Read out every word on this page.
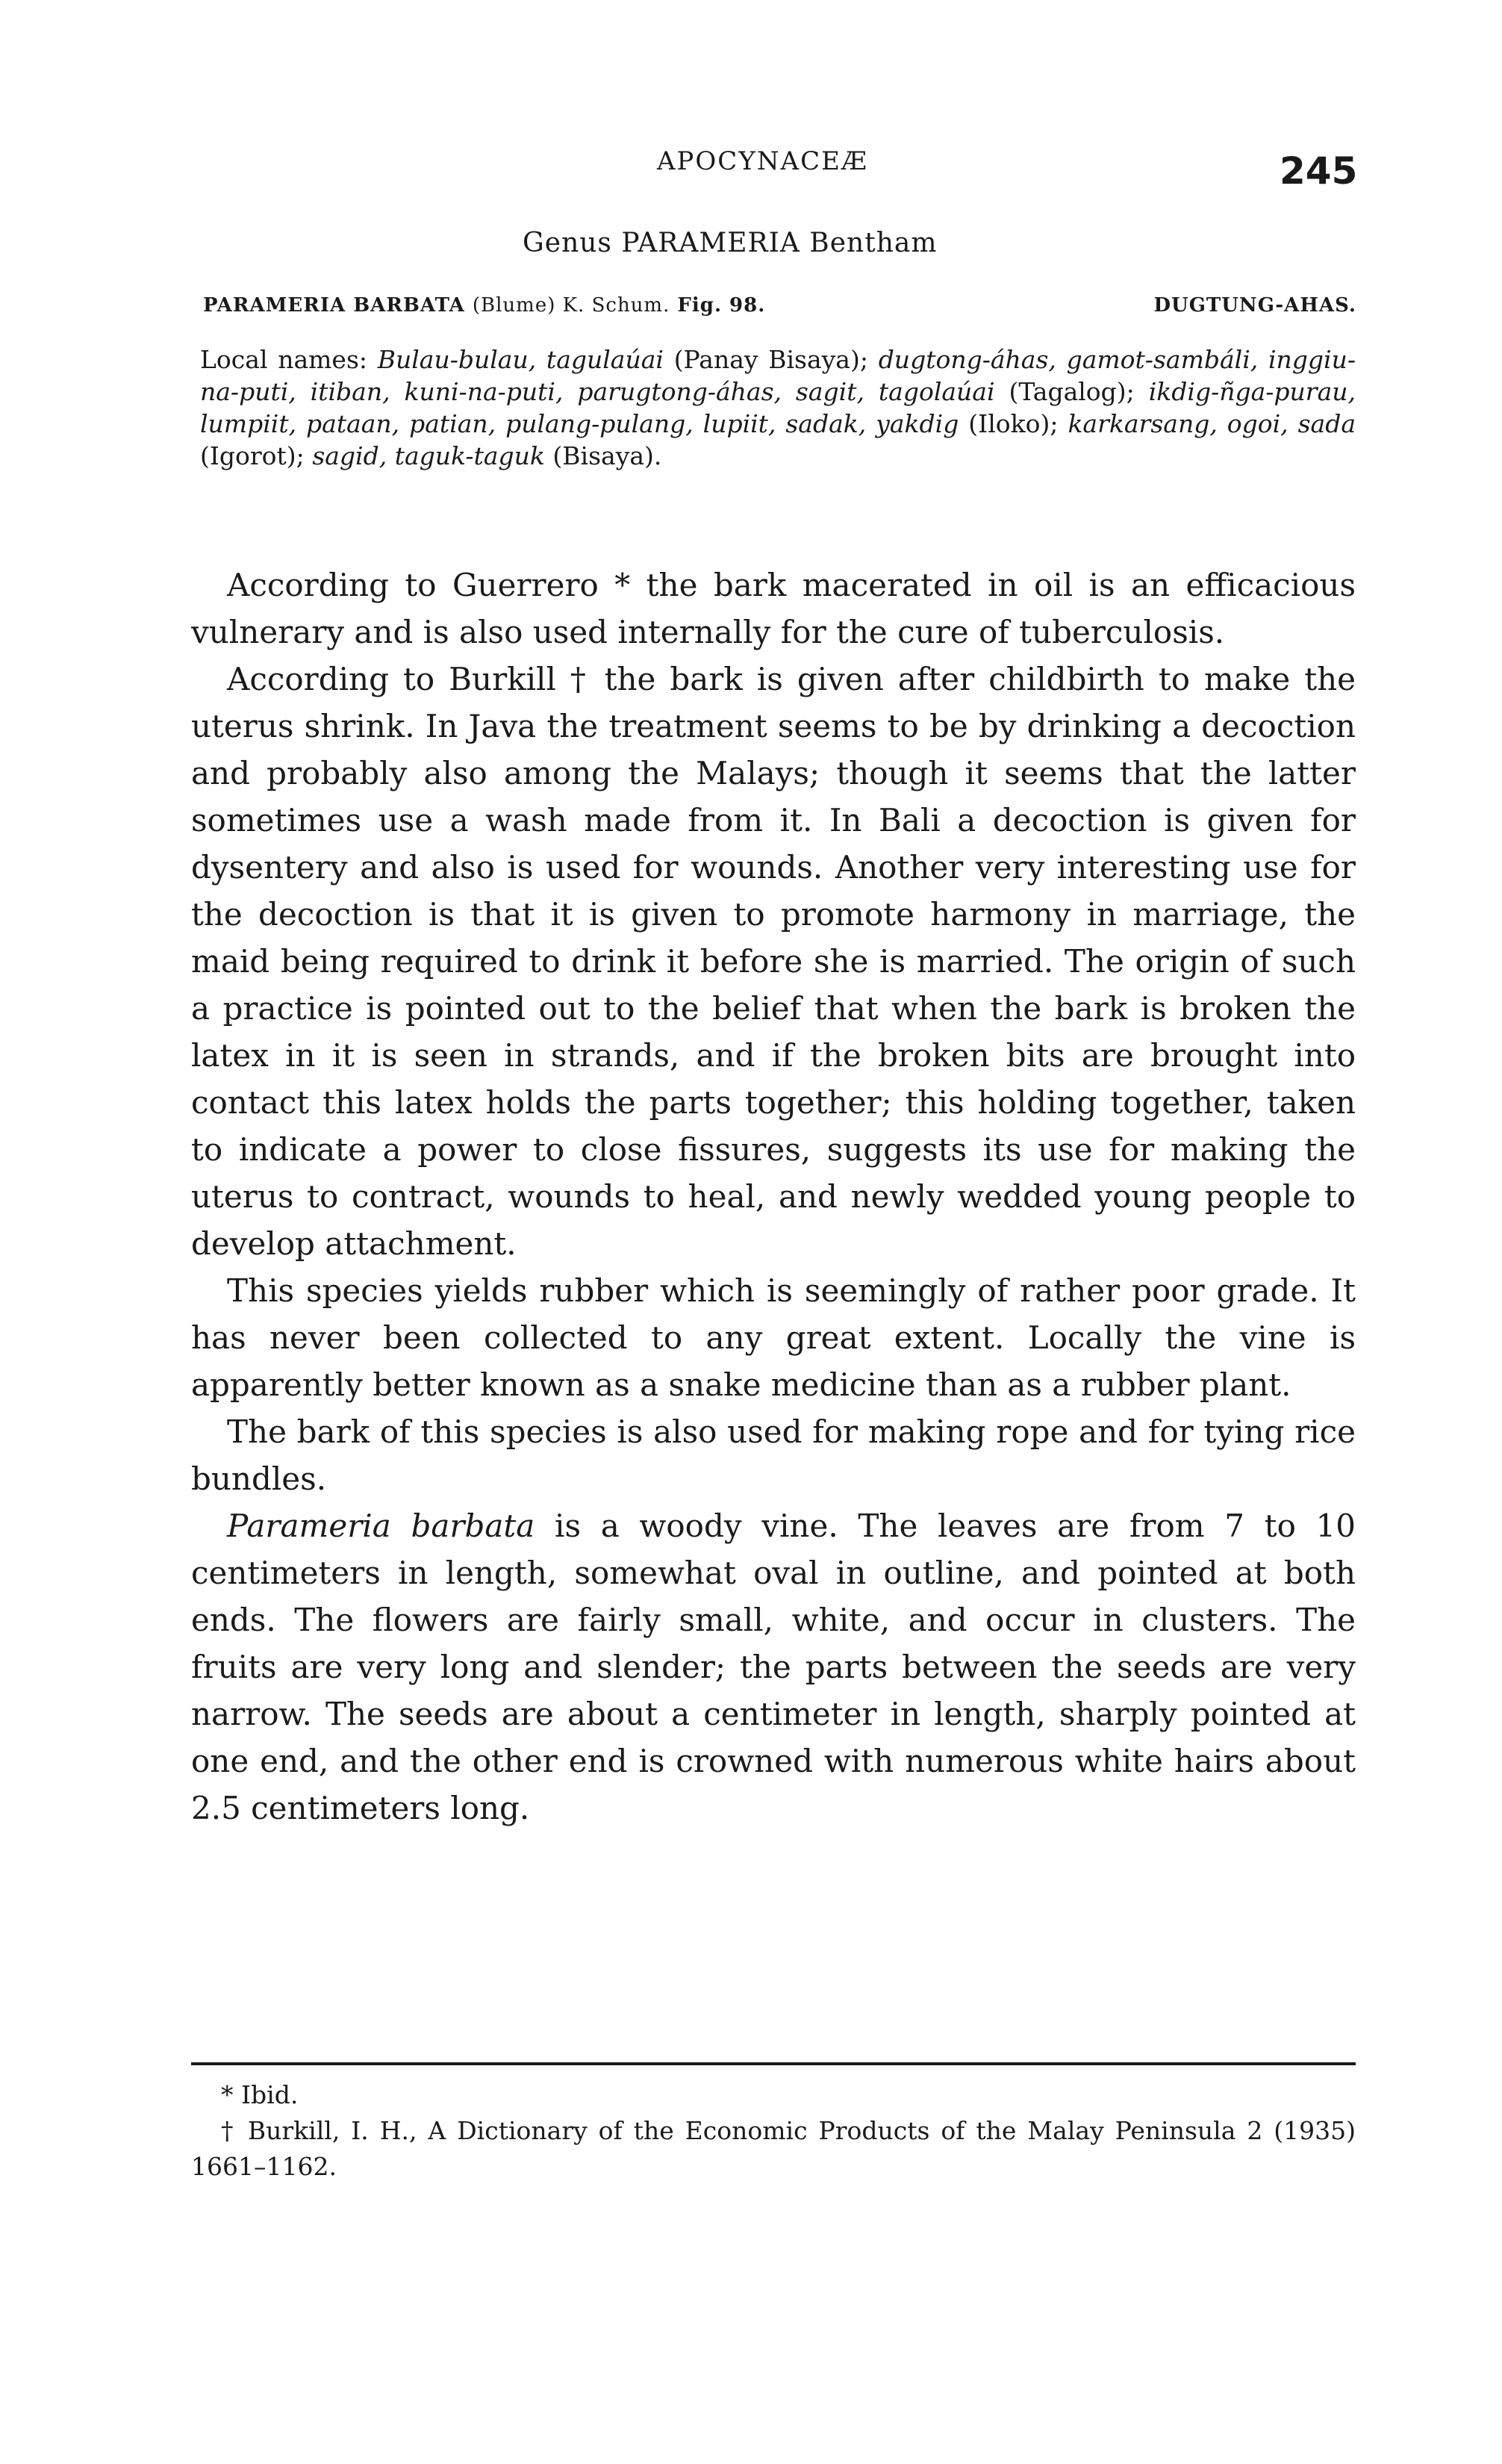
APOCYNACEÆ	245
Genus PARAMERIA Bentham
PARAMERIA BARBATA (Blume) K. Schum. Fig. 98.	DUGTUNG-AHAS.
Local names: Bulau-bulau, tagulaúai (Panay Bisaya); dugtong-áhas, gamot-sambáli, inggiu-na-puti, itiban, kuni-na-puti, parugtong-áhas, sagit, tagolaúai (Tagalog); ikdig-ñga-purau, lumpiit, pataan, patian, pulang-pulang, lupiit, sadak, yakdig (Iloko); karkarsang, ogoi, sada (Igorot); sagid, taguk-taguk (Bisaya).

According to Guerrero * the bark macerated in oil is an efficacious vulnerary and is also used internally for the cure of tuberculosis.

According to Burkill † the bark is given after childbirth to make the uterus shrink. In Java the treatment seems to be by drinking a decoction and probably also among the Malays; though it seems that the latter sometimes use a wash made from it. In Bali a decoction is given for dysentery and also is used for wounds. Another very interesting use for the decoction is that it is given to promote harmony in marriage, the maid being required to drink it before she is married. The origin of such a practice is pointed out to the belief that when the bark is broken the latex in it is seen in strands, and if the broken bits are brought into contact this latex holds the parts together; this holding together, taken to indicate a power to close fissures, suggests its use for making the uterus to contract, wounds to heal, and newly wedded young people to develop attachment.

This species yields rubber which is seemingly of rather poor grade. It has never been collected to any great extent. Locally the vine is apparently better known as a snake medicine than as a rubber plant.

The bark of this species is also used for making rope and for tying rice bundles.

Parameria barbata is a woody vine. The leaves are from 7 to 10 centimeters in length, somewhat oval in outline, and pointed at both ends. The flowers are fairly small, white, and occur in clusters. The fruits are very long and slender; the parts between the seeds are very narrow. The seeds are about a centimeter in length, sharply pointed at one end, and the other end is crowned with numerous white hairs about 2.5 centimeters long.

* Ibid.

† Burkill, I. H., A Dictionary of the Economic Products of the Malay Peninsula 2 (1935) 1661–1162.
